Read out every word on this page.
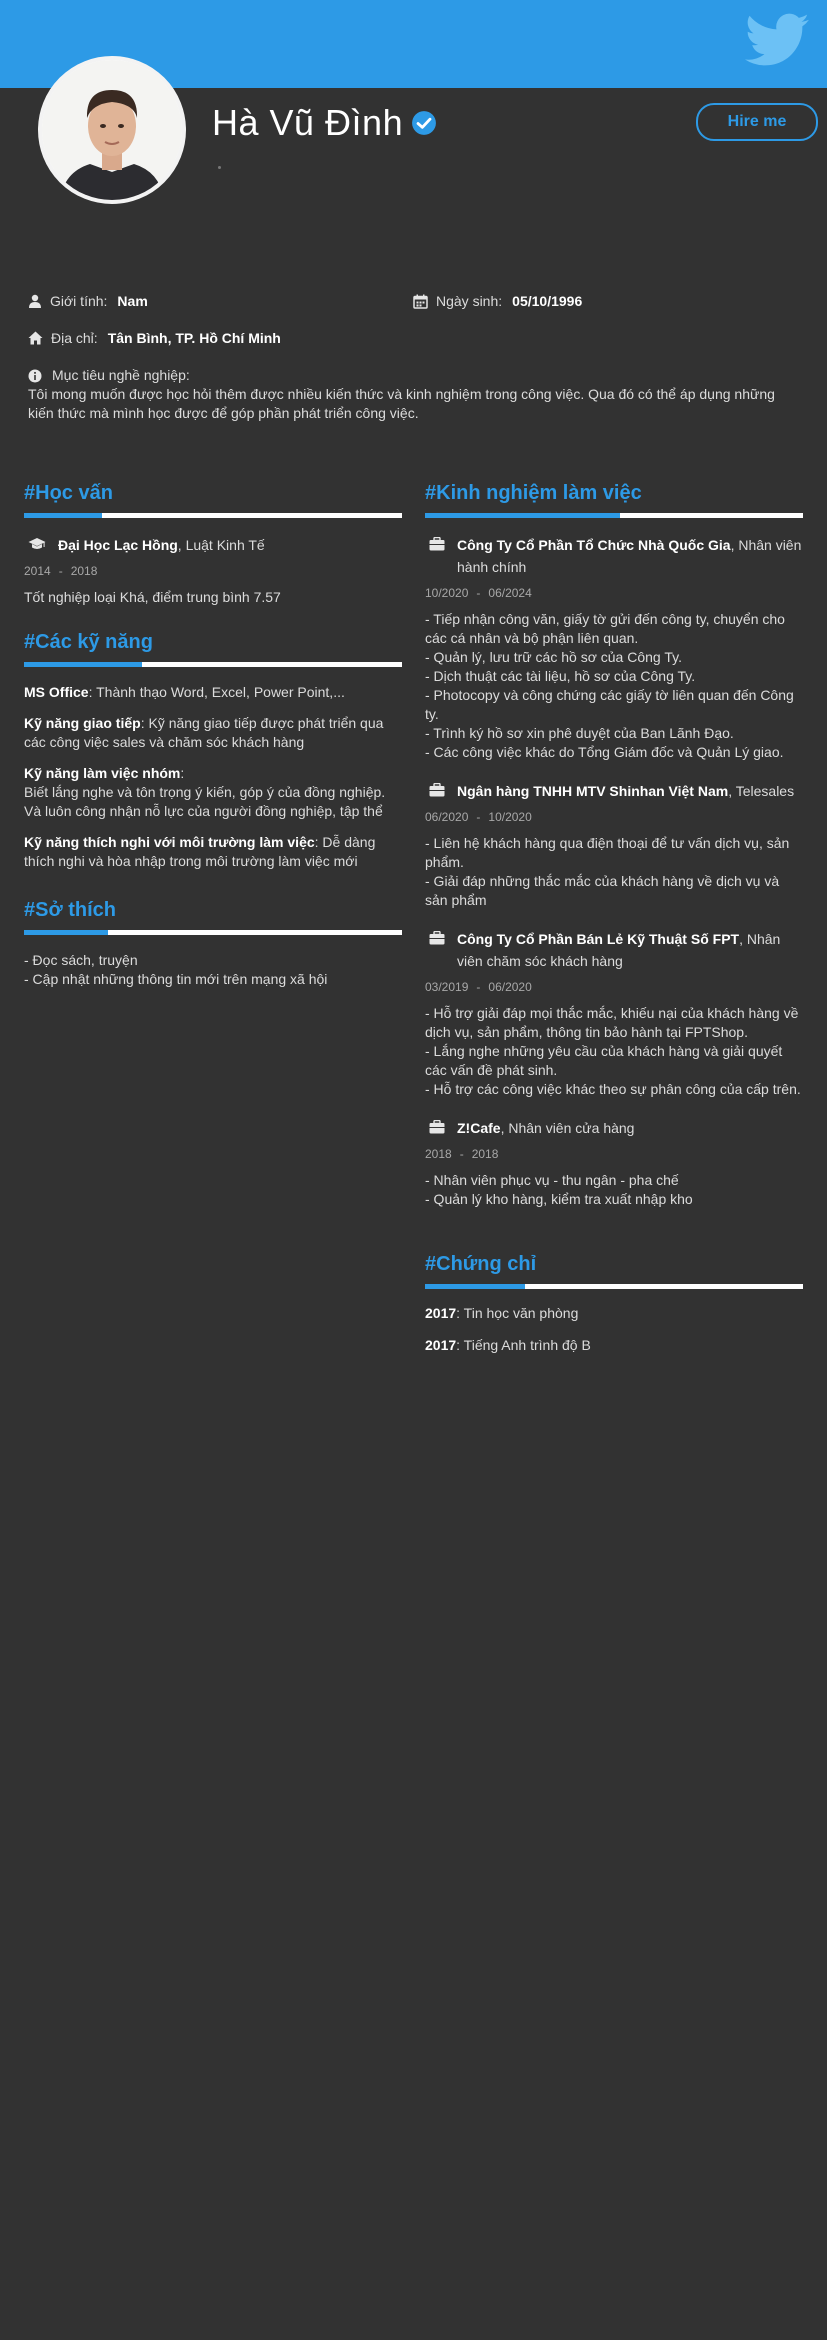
Hà Vũ Đình	Hire me
Giới tính: Nam	Ngày sinh: 05/10/1996
Địa chỉ: Tân Bình, TP. Hồ Chí Minh
Mục tiêu nghề nghiệp:
Tôi mong muốn được học hỏi thêm được nhiều kiến thức và kinh nghiệm trong công việc. Qua đó có thể áp dụng những kiến thức mà mình học được để góp phần phát triển công việc.
#Học vấn
Đại Học Lạc Hồng, Luật Kinh Tế
2014 - 2018
Tốt nghiệp loại Khá, điểm trung bình 7.57
#Các kỹ năng
MS Office: Thành thạo Word, Excel, Power Point,...
Kỹ năng giao tiếp: Kỹ năng giao tiếp được phát triển qua các công việc sales và chăm sóc khách hàng
Kỹ năng làm việc nhóm:
Biết lắng nghe và tôn trọng ý kiến, góp ý của đồng nghiệp. Và luôn công nhận nỗ lực của người đồng nghiệp, tập thể
Kỹ năng thích nghi với môi trường làm việc: Dễ dàng thích nghi và hòa nhập trong môi trường làm việc mới
#Sở thích
- Đọc sách, truyện
- Cập nhật những thông tin mới trên mạng xã hội
#Kinh nghiệm làm việc
Công Ty Cổ Phần Tổ Chức Nhà Quốc Gia, Nhân viên hành chính
10/2020 - 06/2024
- Tiếp nhận công văn, giấy tờ gửi đến công ty, chuyển cho các cá nhân và bộ phận liên quan.
- Quản lý, lưu trữ các hồ sơ của Công Ty.
- Dịch thuật các tài liệu, hồ sơ của Công Ty.
- Photocopy và công chứng các giấy tờ liên quan đến Công ty.
- Trình ký hồ sơ xin phê duyệt của Ban Lãnh Đạo.
- Các công việc khác do Tổng Giám đốc và Quản Lý giao.
Ngân hàng TNHH MTV Shinhan Việt Nam, Telesales
06/2020 - 10/2020
- Liên hệ khách hàng qua điện thoại để tư vấn dịch vụ, sản phẩm.
- Giải đáp những thắc mắc của khách hàng về dịch vụ và sản phẩm
Công Ty Cổ Phần Bán Lẻ Kỹ Thuật Số FPT, Nhân viên chăm sóc khách hàng
03/2019 - 06/2020
- Hỗ trợ giải đáp mọi thắc mắc, khiếu nại của khách hàng về dịch vụ, sản phẩm, thông tin bảo hành tại FPTShop.
- Lắng nghe những yêu cầu của khách hàng và giải quyết các vấn đề phát sinh.
- Hỗ trợ các công việc khác theo sự phân công của cấp trên.
Z!Cafe, Nhân viên cửa hàng
2018 - 2018
- Nhân viên phục vụ - thu ngân - pha chế
- Quản lý kho hàng, kiểm tra xuất nhập kho
#Chứng chỉ
2017: Tin học văn phòng
2017: Tiếng Anh trình độ B
